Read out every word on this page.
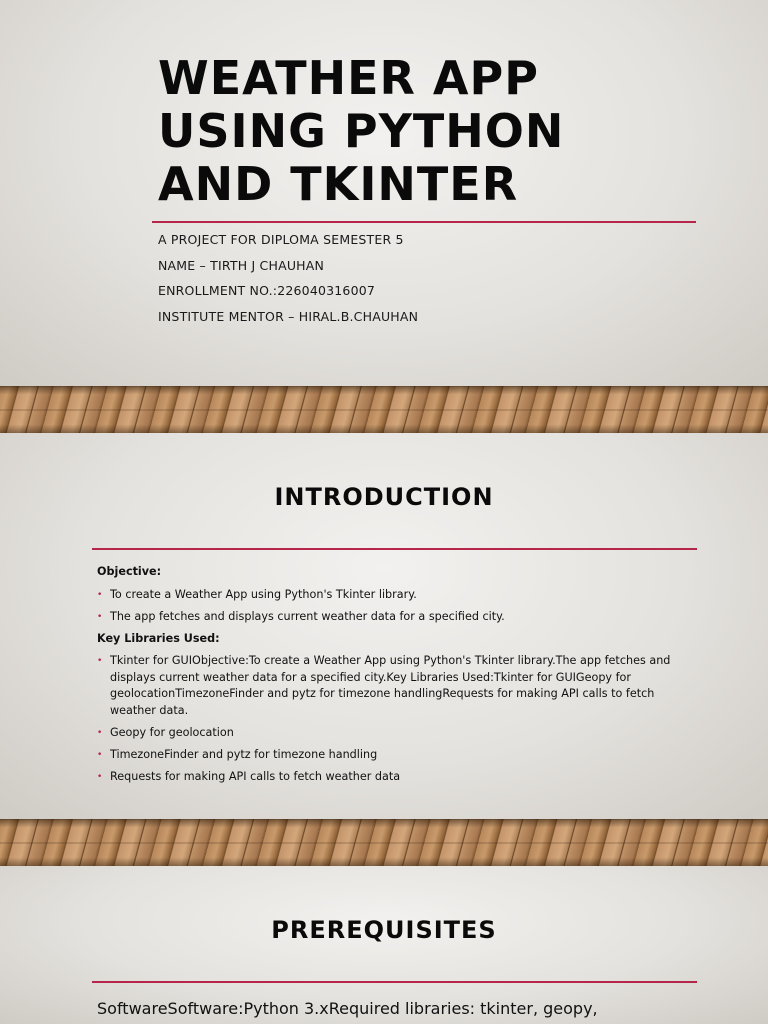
WEATHER APP
USING PYTHON
AND TKINTER
A PROJECT FOR DIPLOMA SEMESTER 5
NAME – TIRTH J CHAUHAN
ENROLLMENT NO.:226040316007
INSTITUTE MENTOR – HIRAL.B.CHAUHAN
INTRODUCTION

Objective:

• To create a Weather App using Python's Tkinter library.
• The app fetches and displays current weather data for a specified city.

Key Libraries Used:

• Tkinter for GUIObjective:To create a Weather App using Python's Tkinter library.The app fetches and displays current weather data for a specified city.Key Libraries Used:Tkinter for GUIGeopy for geolocationTimezoneFinder and pytz for timezone handlingRequests for making API calls to fetch weather data.
• Geopy for geolocation
• TimezoneFinder and pytz for timezone handling
• Requests for making API calls to fetch weather data
PREREQUISITES
SoftwareSoftware:Python 3.xRequired libraries: tkinter, geopy,
